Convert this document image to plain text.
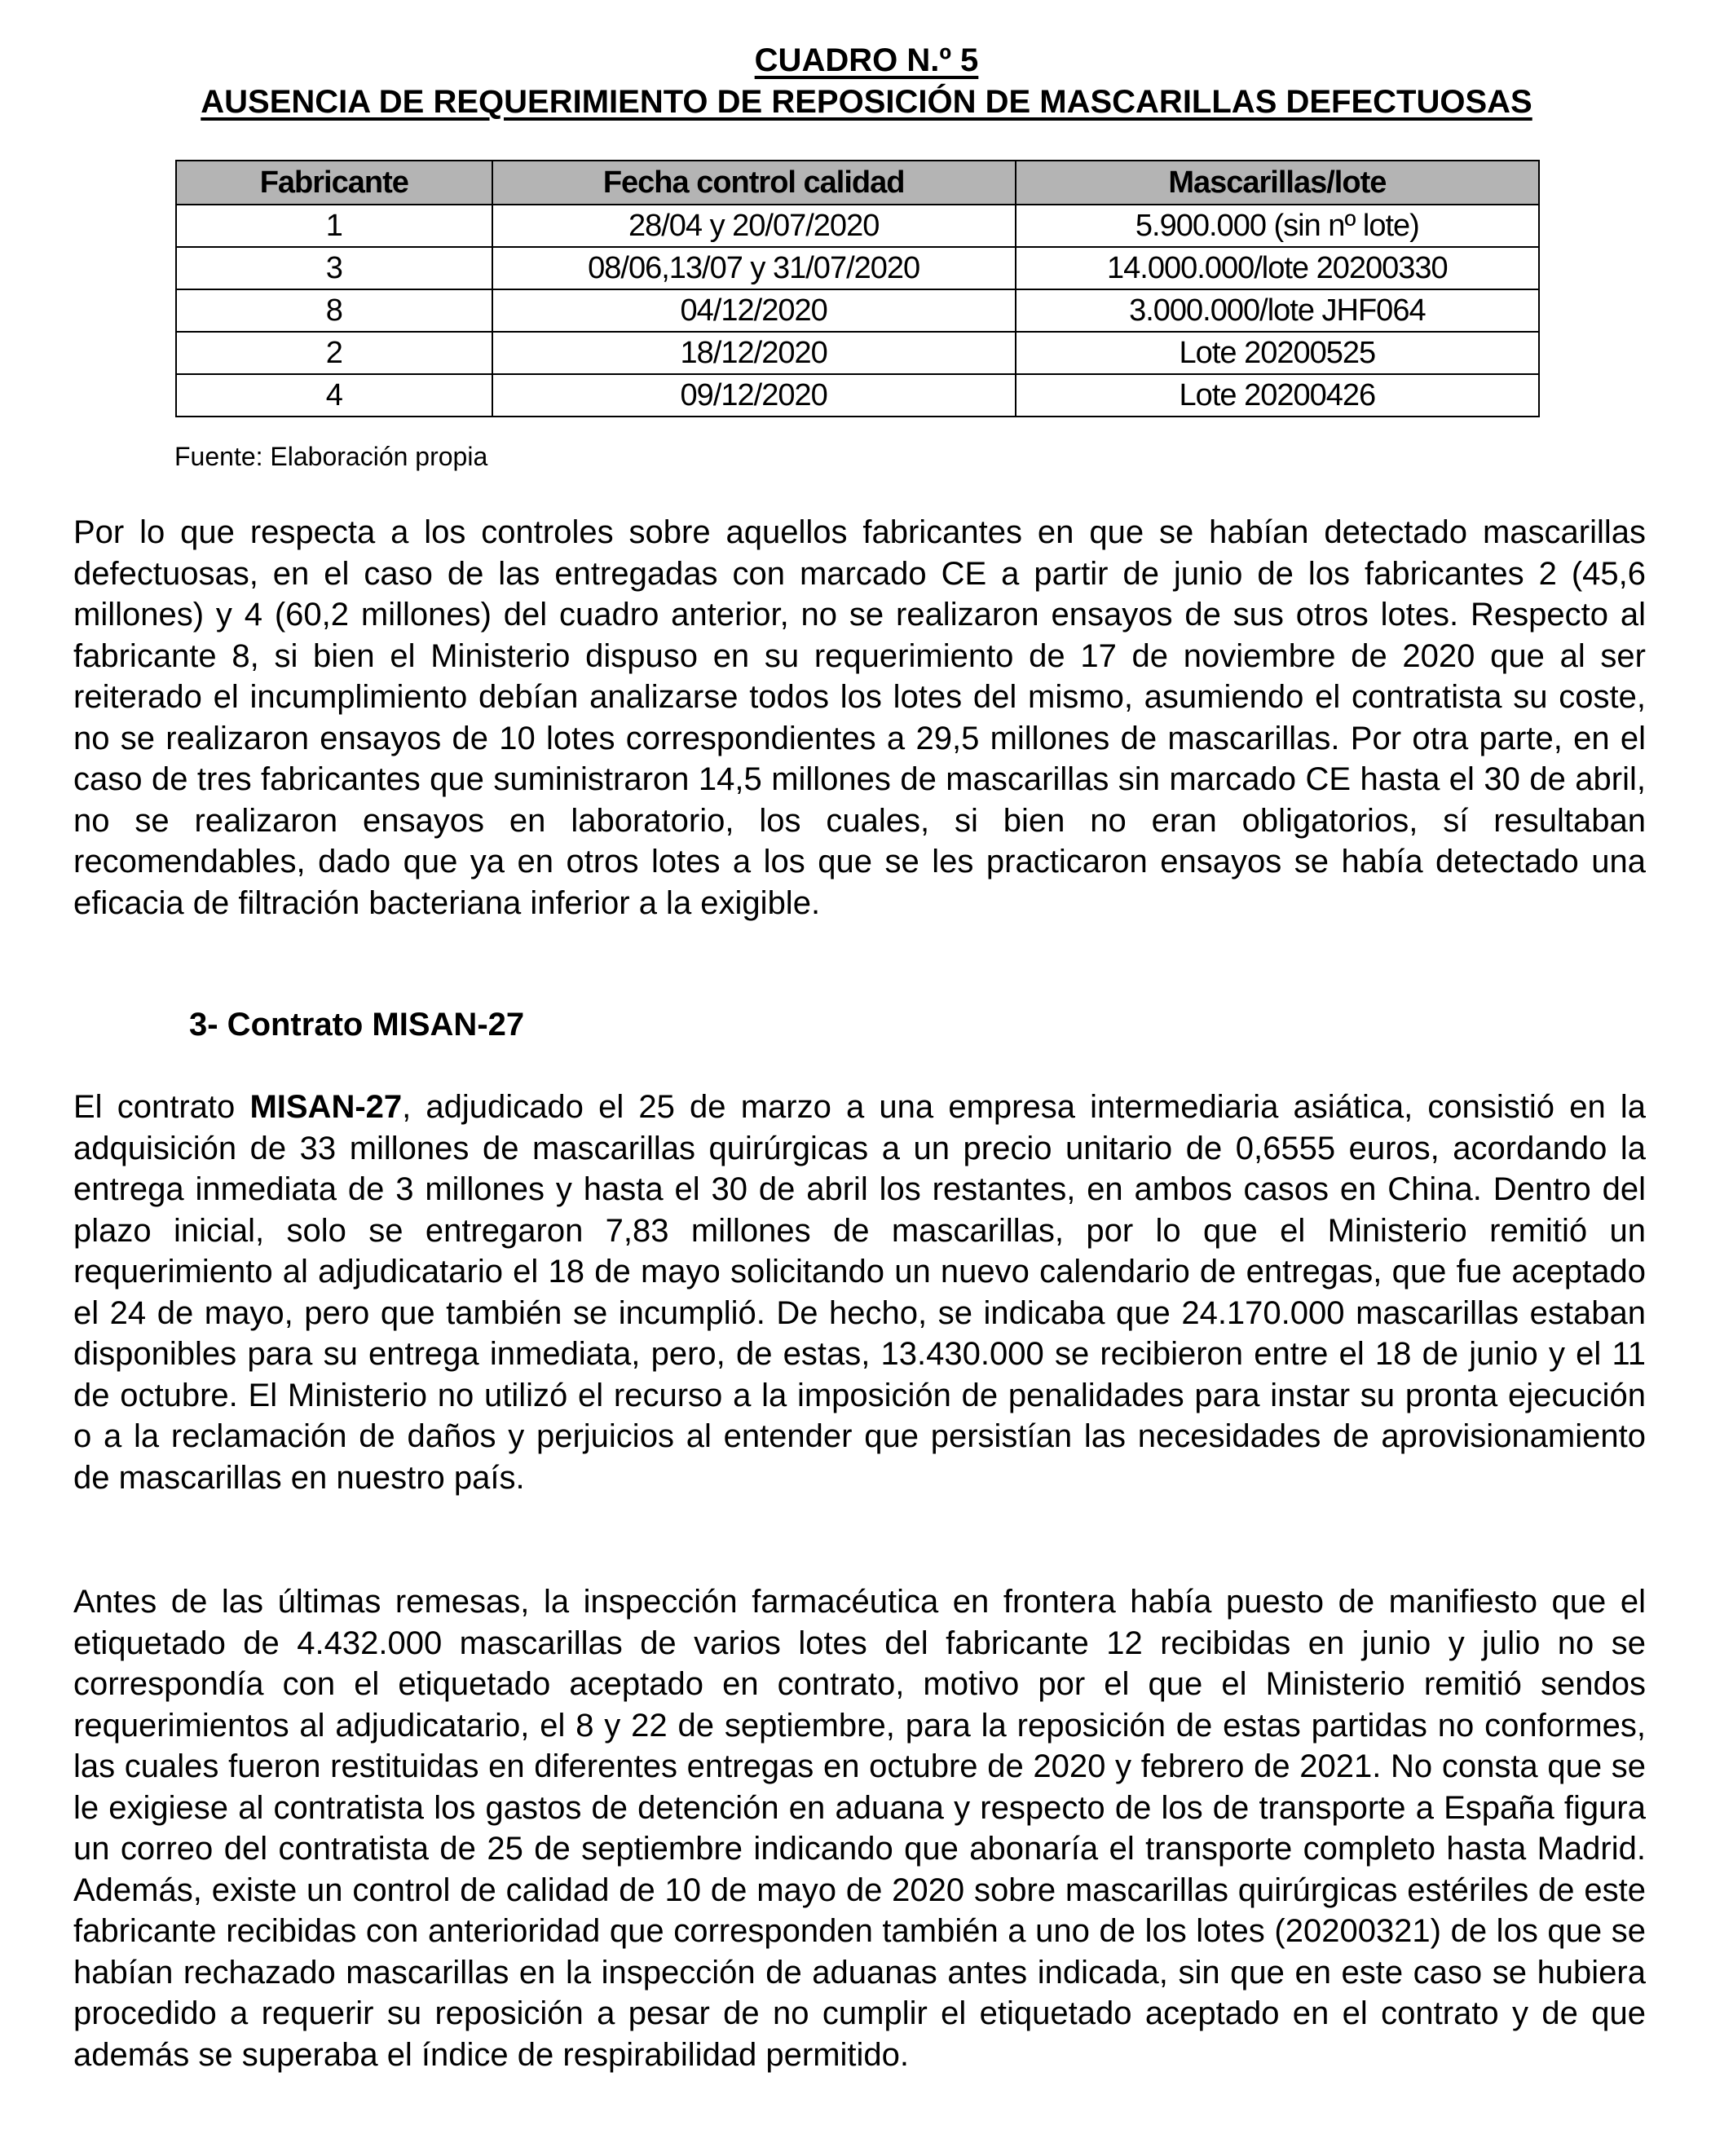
CUADRO N.º 5

AUSENCIA DE REQUERIMIENTO DE REPOSICIÓN DE MASCARILLAS DEFECTUOSAS

Fabricante	Fecha control calidad	Mascarillas/lote
1	28/04 y 20/07/2020	5.900.000 (sin nº lote)
3	08/06,13/07 y 31/07/2020	14.000.000/lote 20200330
8	04/12/2020	3.000.000/lote JHF064
2	18/12/2020	Lote 20200525
4	09/12/2020	Lote 20200426
Fuente: Elaboración propia

Por lo que respecta a los controles sobre aquellos fabricantes en que se habían detectado mascarillas defectuosas, en el caso de las entregadas con marcado CE a partir de junio de los fabricantes 2 (45,6 millones) y 4 (60,2 millones) del cuadro anterior, no se realizaron ensayos de sus otros lotes. Respecto al fabricante 8, si bien el Ministerio dispuso en su requerimiento de 17 de noviembre de 2020 que al ser reiterado el incumplimiento debían analizarse todos los lotes del mismo, asumiendo el contratista su coste, no se realizaron ensayos de 10 lotes correspondientes a 29,5 millones de mascarillas. Por otra parte, en el caso de tres fabricantes que suministraron 14,5 millones de mascarillas sin marcado CE hasta el 30 de abril, no se realizaron ensayos en laboratorio, los cuales, si bien no eran obligatorios, sí resultaban recomendables, dado que ya en otros lotes a los que se les practicaron ensayos se había detectado una eficacia de filtración bacteriana inferior a la exigible.

3- Contrato MISAN-27

El contrato MISAN-27, adjudicado el 25 de marzo a una empresa intermediaria asiática, consistió en la adquisición de 33 millones de mascarillas quirúrgicas a un precio unitario de 0,6555 euros, acordando la entrega inmediata de 3 millones y hasta el 30 de abril los restantes, en ambos casos en China. Dentro del plazo inicial, solo se entregaron 7,83 millones de mascarillas, por lo que el Ministerio remitió un requerimiento al adjudicatario el 18 de mayo solicitando un nuevo calendario de entregas, que fue aceptado el 24 de mayo, pero que también se incumplió. De hecho, se indicaba que 24.170.000 mascarillas estaban disponibles para su entrega inmediata, pero, de estas, 13.430.000 se recibieron entre el 18 de junio y el 11 de octubre. El Ministerio no utilizó el recurso a la imposición de penalidades para instar su pronta ejecución o a la reclamación de daños y perjuicios al entender que persistían las necesidades de aprovisionamiento de mascarillas en nuestro país.

Antes de las últimas remesas, la inspección farmacéutica en frontera había puesto de manifiesto que el etiquetado de 4.432.000 mascarillas de varios lotes del fabricante 12 recibidas en junio y julio no se correspondía con el etiquetado aceptado en contrato, motivo por el que el Ministerio remitió sendos requerimientos al adjudicatario, el 8 y 22 de septiembre, para la reposición de estas partidas no conformes, las cuales fueron restituidas en diferentes entregas en octubre de 2020 y febrero de 2021. No consta que se le exigiese al contratista los gastos de detención en aduana y respecto de los de transporte a España figura un correo del contratista de 25 de septiembre indicando que abonaría el transporte completo hasta Madrid. Además, existe un control de calidad de 10 de mayo de 2020 sobre mascarillas quirúrgicas estériles de este fabricante recibidas con anterioridad que corresponden también a uno de los lotes (20200321) de los que se habían rechazado mascarillas en la inspección de aduanas antes indicada, sin que en este caso se hubiera procedido a requerir su reposición a pesar de no cumplir el etiquetado aceptado en el contrato y de que además se superaba el índice de respirabilidad permitido.
